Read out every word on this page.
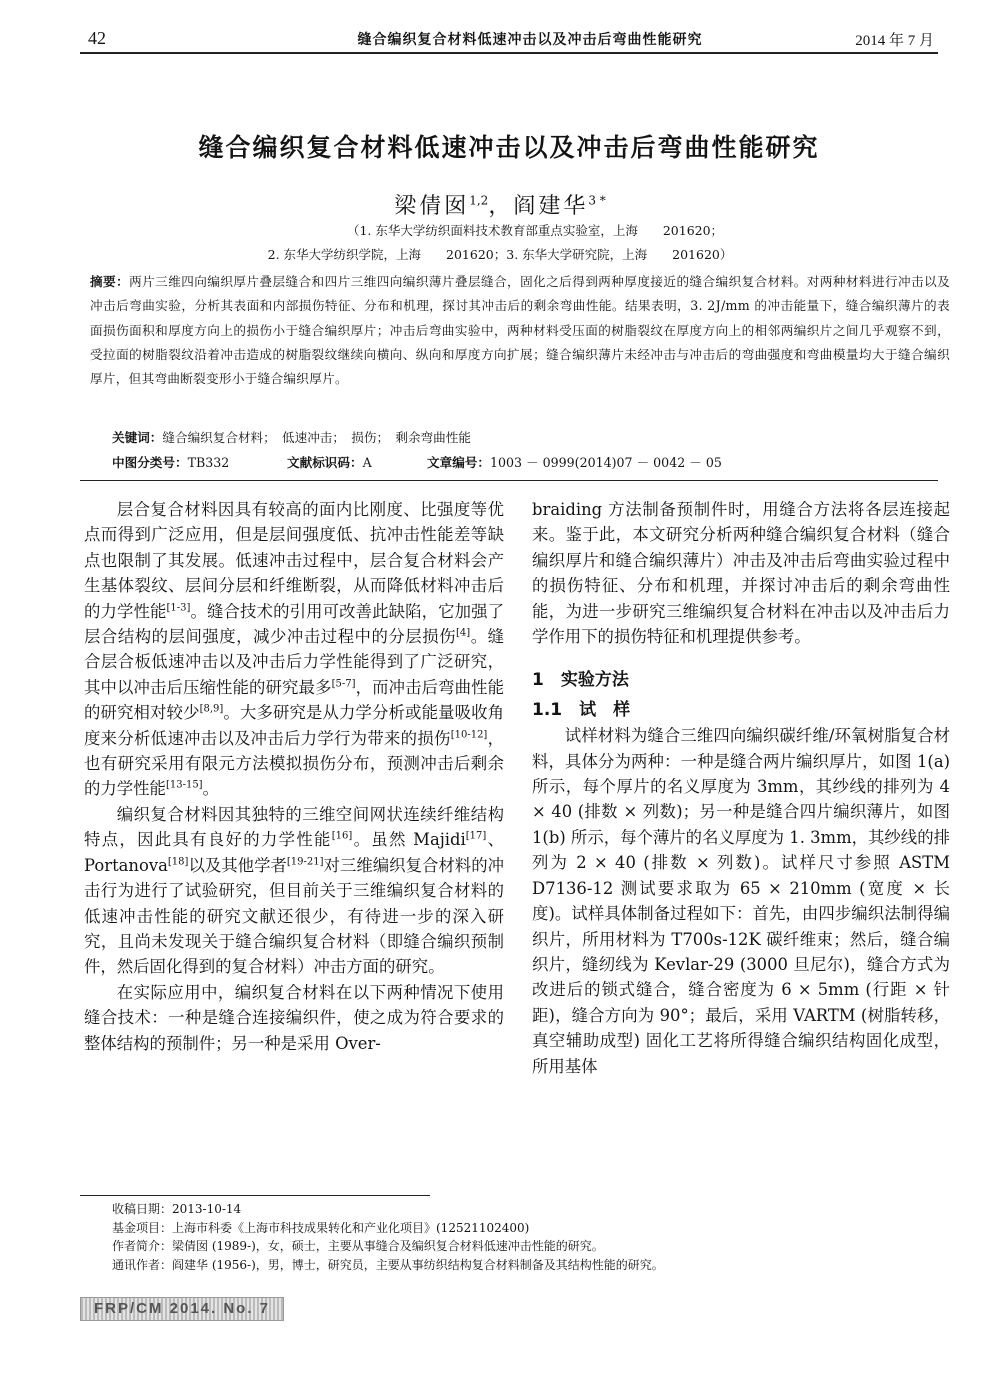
42	缝合编织复合材料低速冲击以及冲击后弯曲性能研究	2014 年 7 月
缝合编织复合材料低速冲击以及冲击后弯曲性能研究
梁倩囡$^{1,2}$，阎建华$^{3 *}$
（1. 东华大学纺织面料技术教育部重点实验室，上海　　201620；
2. 东华大学纺织学院，上海　　201620；3. 东华大学研究院，上海　　201620）
摘要：两片三维四向编织厚片叠层缝合和四片三维四向编织薄片叠层缝合，固化之后得到两种厚度接近的缝合编织复合材料。对两种材料进行冲击以及冲击后弯曲实验，分析其表面和内部损伤特征、分布和机理，探讨其冲击后的剩余弯曲性能。结果表明，3. 2J/mm 的冲击能量下，缝合编织薄片的表面损伤面积和厚度方向上的损伤小于缝合编织厚片；冲击后弯曲实验中，两种材料受压面的树脂裂纹在厚度方向上的相邻两编织片之间几乎观察不到，受拉面的树脂裂纹沿着冲击造成的树脂裂纹继续向横向、纵向和厚度方向扩展；缝合编织薄片未经冲击与冲击后的弯曲强度和弯曲模量均大于缝合编织厚片，但其弯曲断裂变形小于缝合编织厚片。
关键词：缝合编织复合材料；　低速冲击；　损伤；　剩余弯曲性能
中图分类号：TB332	文献标识码：A	文章编号：1003 － 0999(2014)07 － 0042 － 05

层合复合材料因具有较高的面内比刚度、比强度等优点而得到广泛应用，但是层间强度低、抗冲击性能差等缺点也限制了其发展。低速冲击过程中，层合复合材料会产生基体裂纹、层间分层和纤维断裂，从而降低材料冲击后的力学性能[1-3]。缝合技术的引用可改善此缺陷，它加强了层合结构的层间强度，减少冲击过程中的分层损伤[4]。缝合层合板低速冲击以及冲击后力学性能得到了广泛研究，其中以冲击后压缩性能的研究最多[5-7]，而冲击后弯曲性能的研究相对较少[8,9]。大多研究是从力学分析或能量吸收角度来分析低速冲击以及冲击后力学行为带来的损伤[10-12]，也有研究采用有限元方法模拟损伤分布，预测冲击后剩余的力学性能[13-15]。

编织复合材料因其独特的三维空间网状连续纤维结构特点，因此具有良好的力学性能[16]。虽然 Majidi[17]、Portanova[18]以及其他学者[19-21]对三维编织复合材料的冲击行为进行了试验研究，但目前关于三维编织复合材料的低速冲击性能的研究文献还很少，有待进一步的深入研究，且尚未发现关于缝合编织复合材料（即缝合编织预制件，然后固化得到的复合材料）冲击方面的研究。

在实际应用中，编织复合材料在以下两种情况下使用缝合技术：一种是缝合连接编织件，使之成为符合要求的整体结构的预制件；另一种是采用 Over-

braiding 方法制备预制件时，用缝合方法将各层连接起来。鉴于此，本文研究分析两种缝合编织复合材料（缝合编织厚片和缝合编织薄片）冲击及冲击后弯曲实验过程中的损伤特征、分布和机理，并探讨冲击后的剩余弯曲性能，为进一步研究三维编织复合材料在冲击以及冲击后力学作用下的损伤特征和机理提供参考。

1　实验方法

1.1　试　样

试样材料为缝合三维四向编织碳纤维/环氧树脂复合材料，具体分为两种：一种是缝合两片编织厚片，如图 1(a) 所示，每个厚片的名义厚度为 3mm，其纱线的排列为 4 × 40 (排数 × 列数)；另一种是缝合四片编织薄片，如图 1(b) 所示，每个薄片的名义厚度为 1. 3mm，其纱线的排列为 2 × 40 (排数 × 列数)。试样尺寸参照 ASTM D7136-12 测试要求取为 65 × 210mm (宽度 × 长度)。试样具体制备过程如下：首先，由四步编织法制得编织片，所用材料为 T700s-12K 碳纤维束；然后，缝合编织片，缝纫线为 Kevlar-29 (3000 旦尼尔)，缝合方式为改进后的锁式缝合，缝合密度为 6 × 5mm (行距 × 针距)，缝合方向为 90°；最后，采用 VARTM (树脂转移，真空辅助成型) 固化工艺将所得缝合编织结构固化成型，所用基体

收稿日期：2013-10-14
基金项目：上海市科委《上海市科技成果转化和产业化项目》(12521102400)
作者简介：梁倩囡 (1989-)，女，硕士，主要从事缝合及编织复合材料低速冲击性能的研究。
通讯作者：阎建华 (1956-)，男，博士，研究员，主要从事纺织结构复合材料制备及其结构性能的研究。
FRP/CM 2014. No. 7
